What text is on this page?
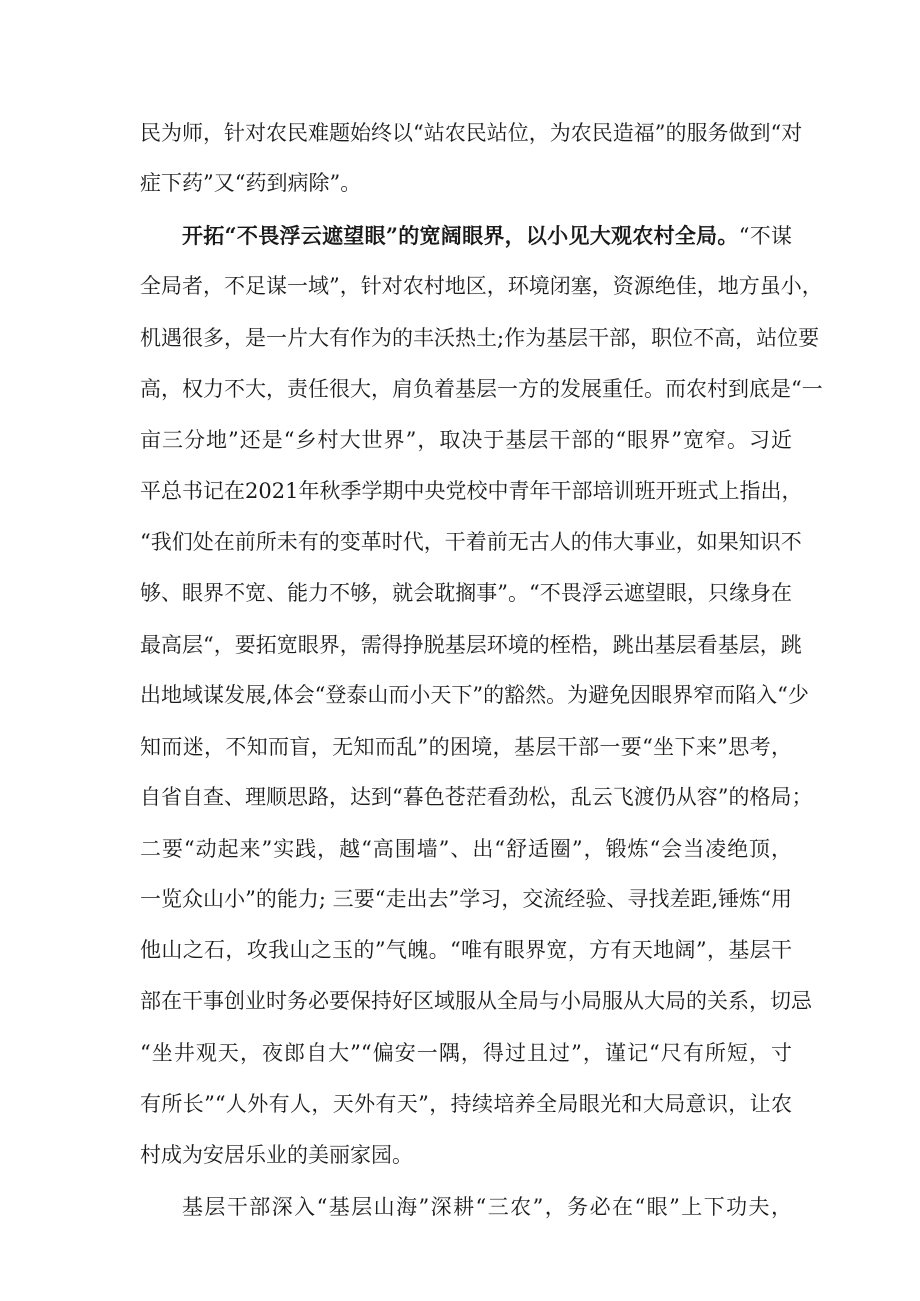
民为师，针对农民难题始终以“站农民站位，为农民造福”的服务做到“对
症下药”又“药到病除”。
开拓“不畏浮云遮望眼”的宽阔眼界，以小见大观农村全局。“不谋
全局者，不足谋一域”，针对农村地区，环境闭塞，资源绝佳，地方虽小，
机遇很多，是一片大有作为的丰沃热土;作为基层干部，职位不高，站位要
高，权力不大，责任很大，肩负着基层一方的发展重任。而农村到底是“一
亩三分地”还是“乡村大世界”，取决于基层干部的“眼界”宽窄。习近
平总书记在2021年秋季学期中央党校中青年干部培训班开班式上指出，
“我们处在前所未有的变革时代，干着前无古人的伟大事业，如果知识不
够、眼界不宽、能力不够，就会耽搁事”。“不畏浮云遮望眼，只缘身在
最高层“，要拓宽眼界，需得挣脱基层环境的桎梏，跳出基层看基层，跳
出地域谋发展,体会“登泰山而小天下”的豁然。为避免因眼界窄而陷入“少
知而迷，不知而盲，无知而乱”的困境，基层干部一要“坐下来”思考，
自省自查、理顺思路，达到“暮色苍茫看劲松，乱云飞渡仍从容”的格局；
二要“动起来”实践，越“高围墙”、出“舒适圈”，锻炼“会当凌绝顶，
一览众山小”的能力; 三要“走出去”学习，交流经验、寻找差距,锤炼“用
他山之石，攻我山之玉的”气魄。“唯有眼界宽，方有天地阔”，基层干
部在干事创业时务必要保持好区域服从全局与小局服从大局的关系，切忌
“坐井观天，夜郎自大”“偏安一隅，得过且过”，谨记“尺有所短，寸
有所长”“人外有人，天外有天”，持续培养全局眼光和大局意识，让农
村成为安居乐业的美丽家园。
基层干部深入“基层山海”深耕“三农”，务必在“眼”上下功夫，
